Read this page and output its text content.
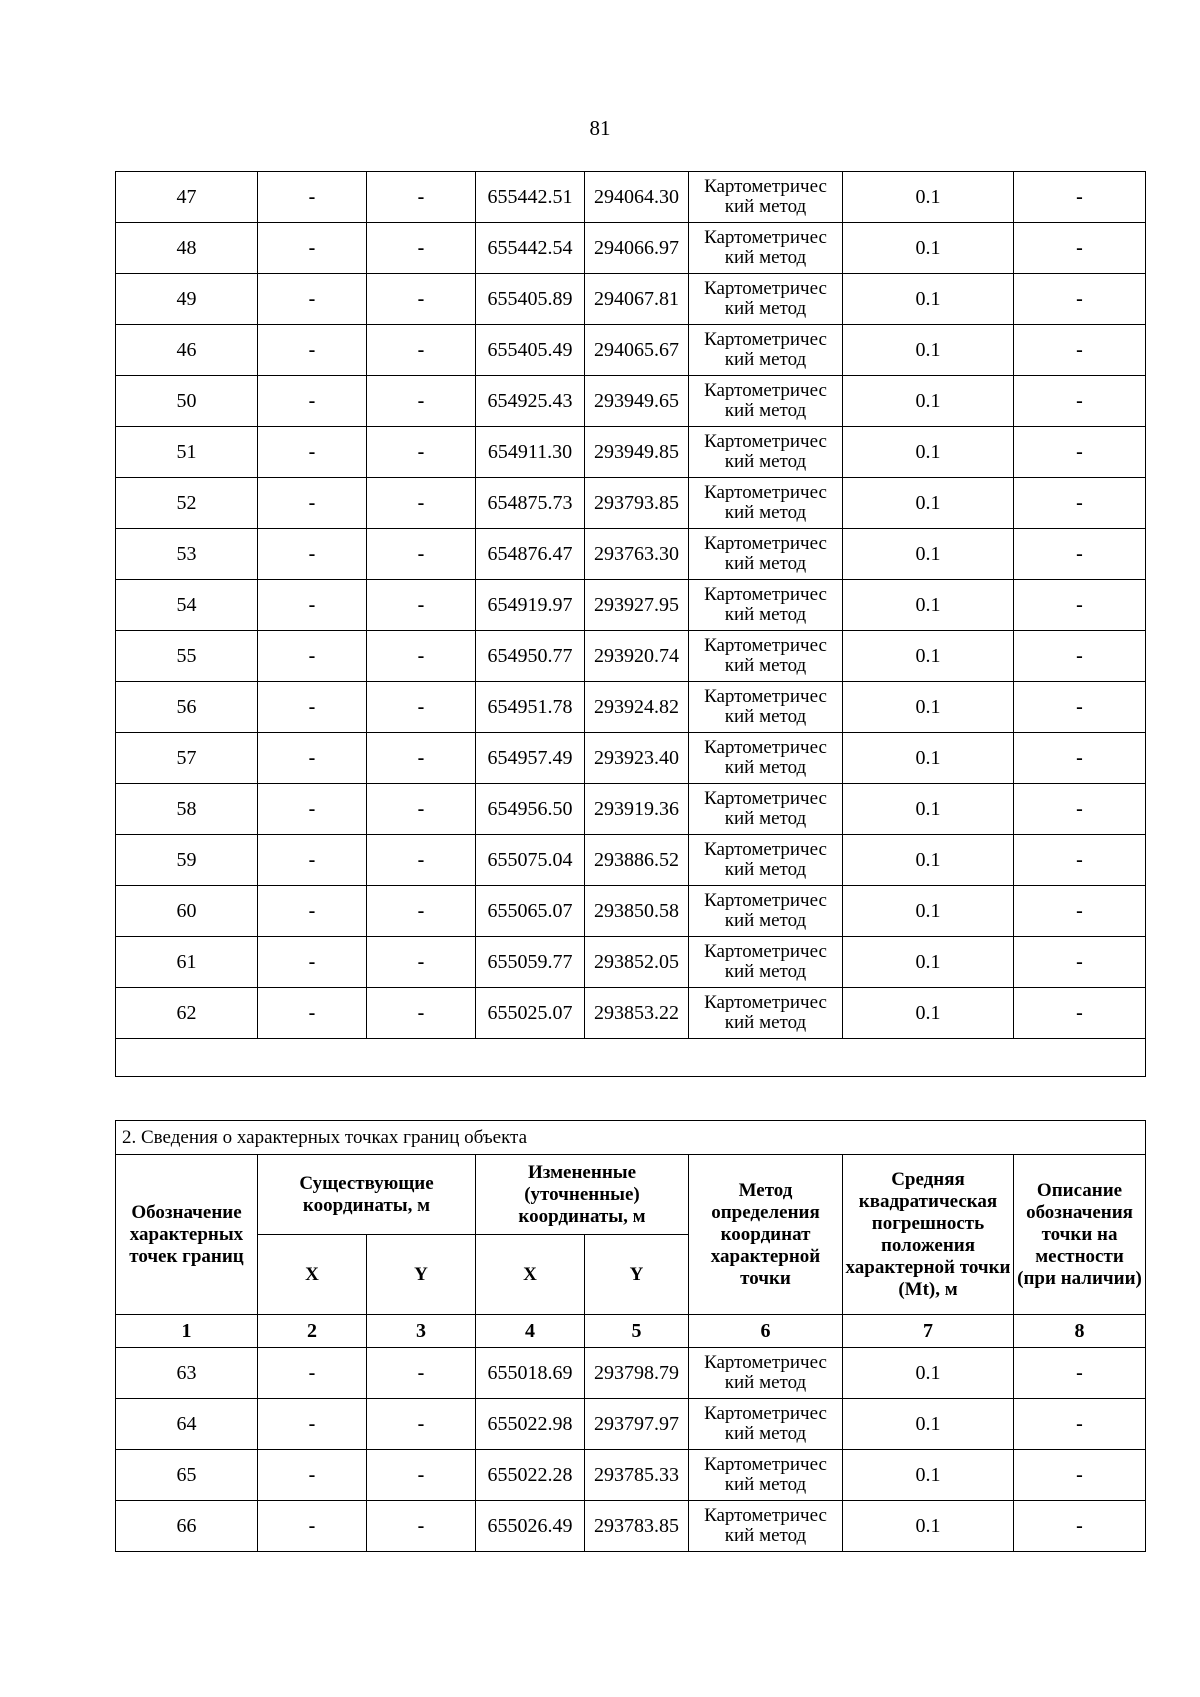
81
47	-	-	655442.51	294064.30	Картометричес кий метод	0.1	-
48	-	-	655442.54	294066.97	Картометричес кий метод	0.1	-
49	-	-	655405.89	294067.81	Картометричес кий метод	0.1	-
46	-	-	655405.49	294065.67	Картометричес кий метод	0.1	-
50	-	-	654925.43	293949.65	Картометричес кий метод	0.1	-
51	-	-	654911.30	293949.85	Картометричес кий метод	0.1	-
52	-	-	654875.73	293793.85	Картометричес кий метод	0.1	-
53	-	-	654876.47	293763.30	Картометричес кий метод	0.1	-
54	-	-	654919.97	293927.95	Картометричес кий метод	0.1	-
55	-	-	654950.77	293920.74	Картометричес кий метод	0.1	-
56	-	-	654951.78	293924.82	Картометричес кий метод	0.1	-
57	-	-	654957.49	293923.40	Картометричес кий метод	0.1	-
58	-	-	654956.50	293919.36	Картометричес кий метод	0.1	-
59	-	-	655075.04	293886.52	Картометричес кий метод	0.1	-
60	-	-	655065.07	293850.58	Картометричес кий метод	0.1	-
61	-	-	655059.77	293852.05	Картометричес кий метод	0.1	-
62	-	-	655025.07	293853.22	Картометричес кий метод	0.1	-

2. Сведения о характерных точках границ объекта							
Обозначение характерных точек границ	Существующие координаты, м		Измененные (уточненные) координаты, м		Метод определения координат характерной точки	Средняя квадратическая погрешность положения характерной точки (Mt), м	Описание обозначения точки на местности (при наличии)
	X	Y	X	Y			
1	2	3	4	5	6	7	8
63	-	-	655018.69	293798.79	Картометричес кий метод	0.1	-
64	-	-	655022.98	293797.97	Картометричес кий метод	0.1	-
65	-	-	655022.28	293785.33	Картометричес кий метод	0.1	-
66	-	-	655026.49	293783.85	Картометричес кий метод	0.1	-
